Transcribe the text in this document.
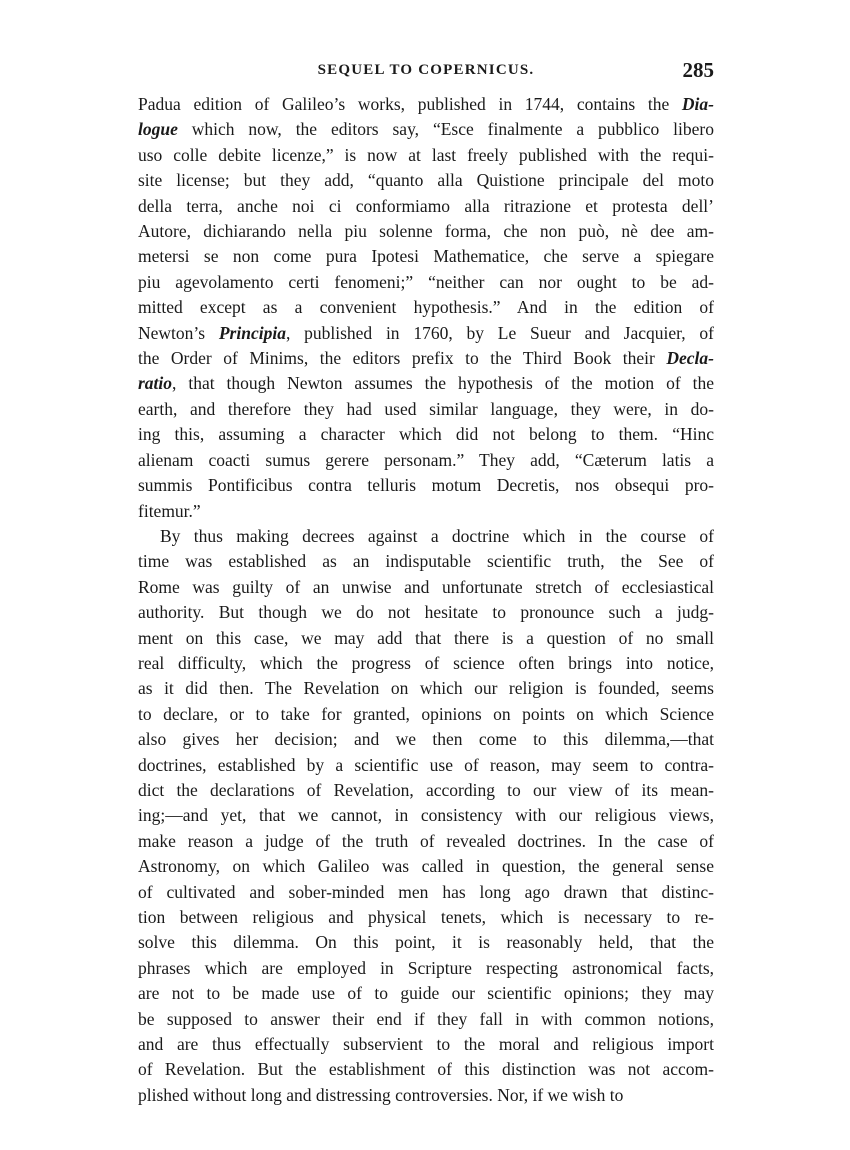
SEQUEL TO COPERNICUS.	285
Padua edition of Galileo’s works, published in 1744, contains the Dia-
logue which now, the editors say, “Esce finalmente a pubblico libero
uso colle debite licenze,” is now at last freely published with the requi-
site license; but they add, “quanto alla Quistione principale del moto
della terra, anche noi ci conformiamo alla ritrazione et protesta dell’
Autore, dichiarando nella piu solenne forma, che non può, nè dee am-
metersi se non come pura Ipotesi Mathematice, che serve a spiegare
piu agevolamento certi fenomeni;” “neither can nor ought to be ad-
mitted except as a convenient hypothesis.” And in the edition of
Newton’s Principia, published in 1760, by Le Sueur and Jacquier, of
the Order of Minims, the editors prefix to the Third Book their Decla-
ratio, that though Newton assumes the hypothesis of the motion of the
earth, and therefore they had used similar language, they were, in do-
ing this, assuming a character which did not belong to them. “Hinc
alienam coacti sumus gerere personam.” They add, “Cæterum latis a
summis Pontificibus contra telluris motum Decretis, nos obsequi pro-
fitemur.”
By thus making decrees against a doctrine which in the course of
time was established as an indisputable scientific truth, the See of
Rome was guilty of an unwise and unfortunate stretch of ecclesiastical
authority. But though we do not hesitate to pronounce such a judg-
ment on this case, we may add that there is a question of no small
real difficulty, which the progress of science often brings into notice,
as it did then. The Revelation on which our religion is founded, seems
to declare, or to take for granted, opinions on points on which Science
also gives her decision; and we then come to this dilemma,—that
doctrines, established by a scientific use of reason, may seem to contra-
dict the declarations of Revelation, according to our view of its mean-
ing;—and yet, that we cannot, in consistency with our religious views,
make reason a judge of the truth of revealed doctrines. In the case of
Astronomy, on which Galileo was called in question, the general sense
of cultivated and sober-minded men has long ago drawn that distinc-
tion between religious and physical tenets, which is necessary to re-
solve this dilemma. On this point, it is reasonably held, that the
phrases which are employed in Scripture respecting astronomical facts,
are not to be made use of to guide our scientific opinions; they may
be supposed to answer their end if they fall in with common notions,
and are thus effectually subservient to the moral and religious import
of Revelation. But the establishment of this distinction was not accom-
plished without long and distressing controversies. Nor, if we wish to
